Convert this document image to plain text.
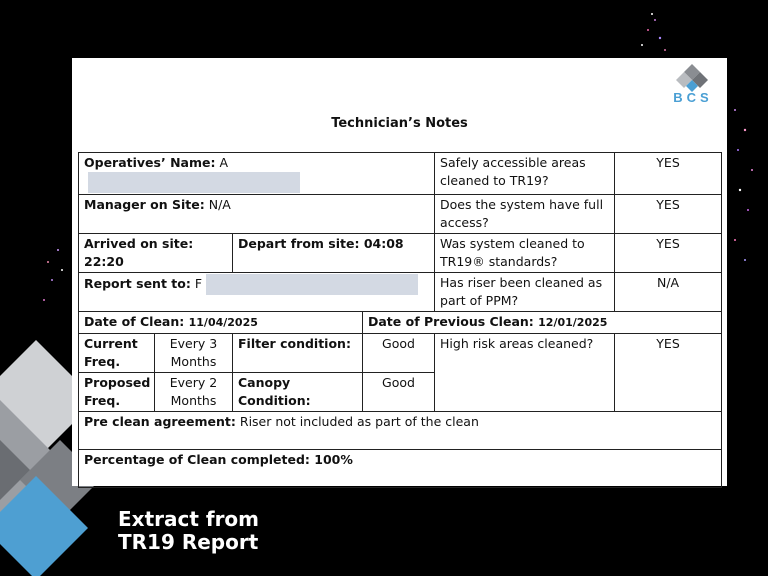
BCS
Technician’s Notes
Operatives’ Name: A				Safely accessible areas cleaned to TR19?	YES
Manager on Site: N/A				Does the system have full access?	YES
Arrived on site: 22:20		Depart from site: 04:08		Was system cleaned to TR19® standards?	YES
Report sent to: F				Has riser been cleaned as part of PPM?	N/A
Date of Clean: 11/04/2025			Date of Previous Clean: 12/01/2025		
Current Freq.	Every 3 Months	Filter condition:	Good	High risk areas cleaned?	YES
Proposed Freq.	Every 2 Months	Canopy Condition:	Good		
Pre clean agreement: Riser not included as part of the clean					
Percentage of Clean completed: 100%					
Extract from
TR19 Report
